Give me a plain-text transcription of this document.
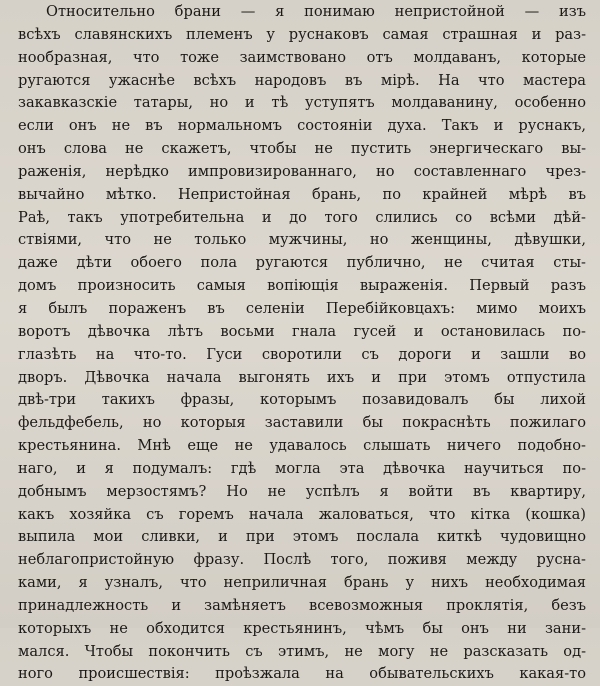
Относительно брани — я понимаю непристойной — изъ
всѣхъ славянскихъ племенъ у руснаковъ самая страшная и раз-
нообразная, что тоже заимствовано отъ молдаванъ, которые
ругаются ужаснѣе всѣхъ народовъ въ мірѣ. На что мастера
закавказскіе татары, но и тѣ уступятъ молдаванину, особенно
если онъ не въ нормальномъ состояніи духа. Такъ и руснакъ,
онъ слова не скажетъ, чтобы не пустить энергическаго вы-
раженія, нерѣдко импровизированнаго, но составленнаго чрез-
вычайно мѣтко. Непристойная брань, по крайней мѣрѣ въ
Раѣ, такъ употребительна и до того слились со всѣми дѣй-
ствіями, что не только мужчины, но женщины, дѣвушки,
даже дѣти обоего пола ругаются публично, не считая сты-
домъ произносить самыя вопіющія выраженія. Первый разъ
я былъ пораженъ въ селеніи Перебійковцахъ: мимо моихъ
воротъ дѣвочка лѣтъ восьми гнала гусей и остановилась по-
глазѣть на что-то. Гуси своротили съ дороги и зашли во
дворъ. Дѣвочка начала выгонять ихъ и при этомъ отпустила
двѣ-три такихъ фразы, которымъ позавидовалъ бы лихой
фельдфебель, но которыя заставили бы покраснѣть пожилаго
крестьянина. Мнѣ еще не удавалось слышать ничего подобно-
наго, и я подумалъ: гдѣ могла эта дѣвочка научиться по-
добнымъ мерзостямъ? Но не успѣлъ я войти въ квартиру,
какъ хозяйка съ горемъ начала жаловаться, что кітка (кошка)
выпила мои сливки, и при этомъ послала киткѣ чудовищно
неблагопристойную фразу. Послѣ того, поживя между русна-
ками, я узналъ, что неприличная брань у нихъ необходимая
принадлежность и замѣняетъ всевозможныя проклятія, безъ
которыхъ не обходится крестьянинъ, чѣмъ бы онъ ни зани-
мался. Чтобы покончить съ этимъ, не могу не разсказать од-
ного происшествія: проѣзжала на обывательскихъ какая-то
